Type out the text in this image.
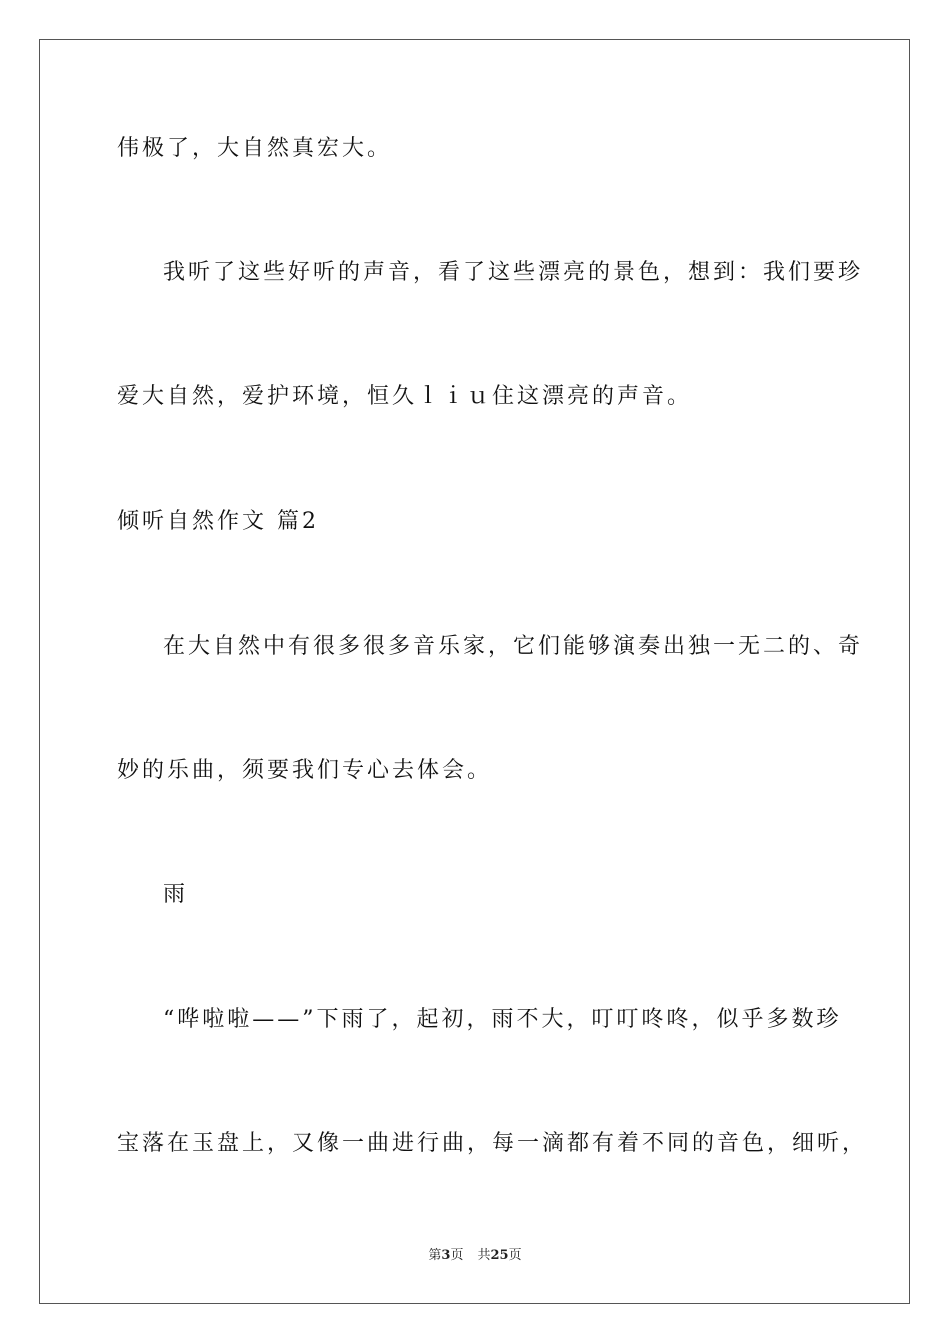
伟极了，大自然真宏大。
我听了这些好听的声音，看了这些漂亮的景色，想到：我们要珍
爱大自然，爱护环境，恒久ｌｉｕ住这漂亮的声音。
倾听自然作文 篇2
在大自然中有很多很多音乐家，它们能够演奏出独一无二的、奇
妙的乐曲，须要我们专心去体会。
雨
“哗啦啦——”下雨了，起初，雨不大，叮叮咚咚，似乎多数珍
宝落在玉盘上，又像一曲进行曲，每一滴都有着不同的音色，细听，
第3页 共25页
